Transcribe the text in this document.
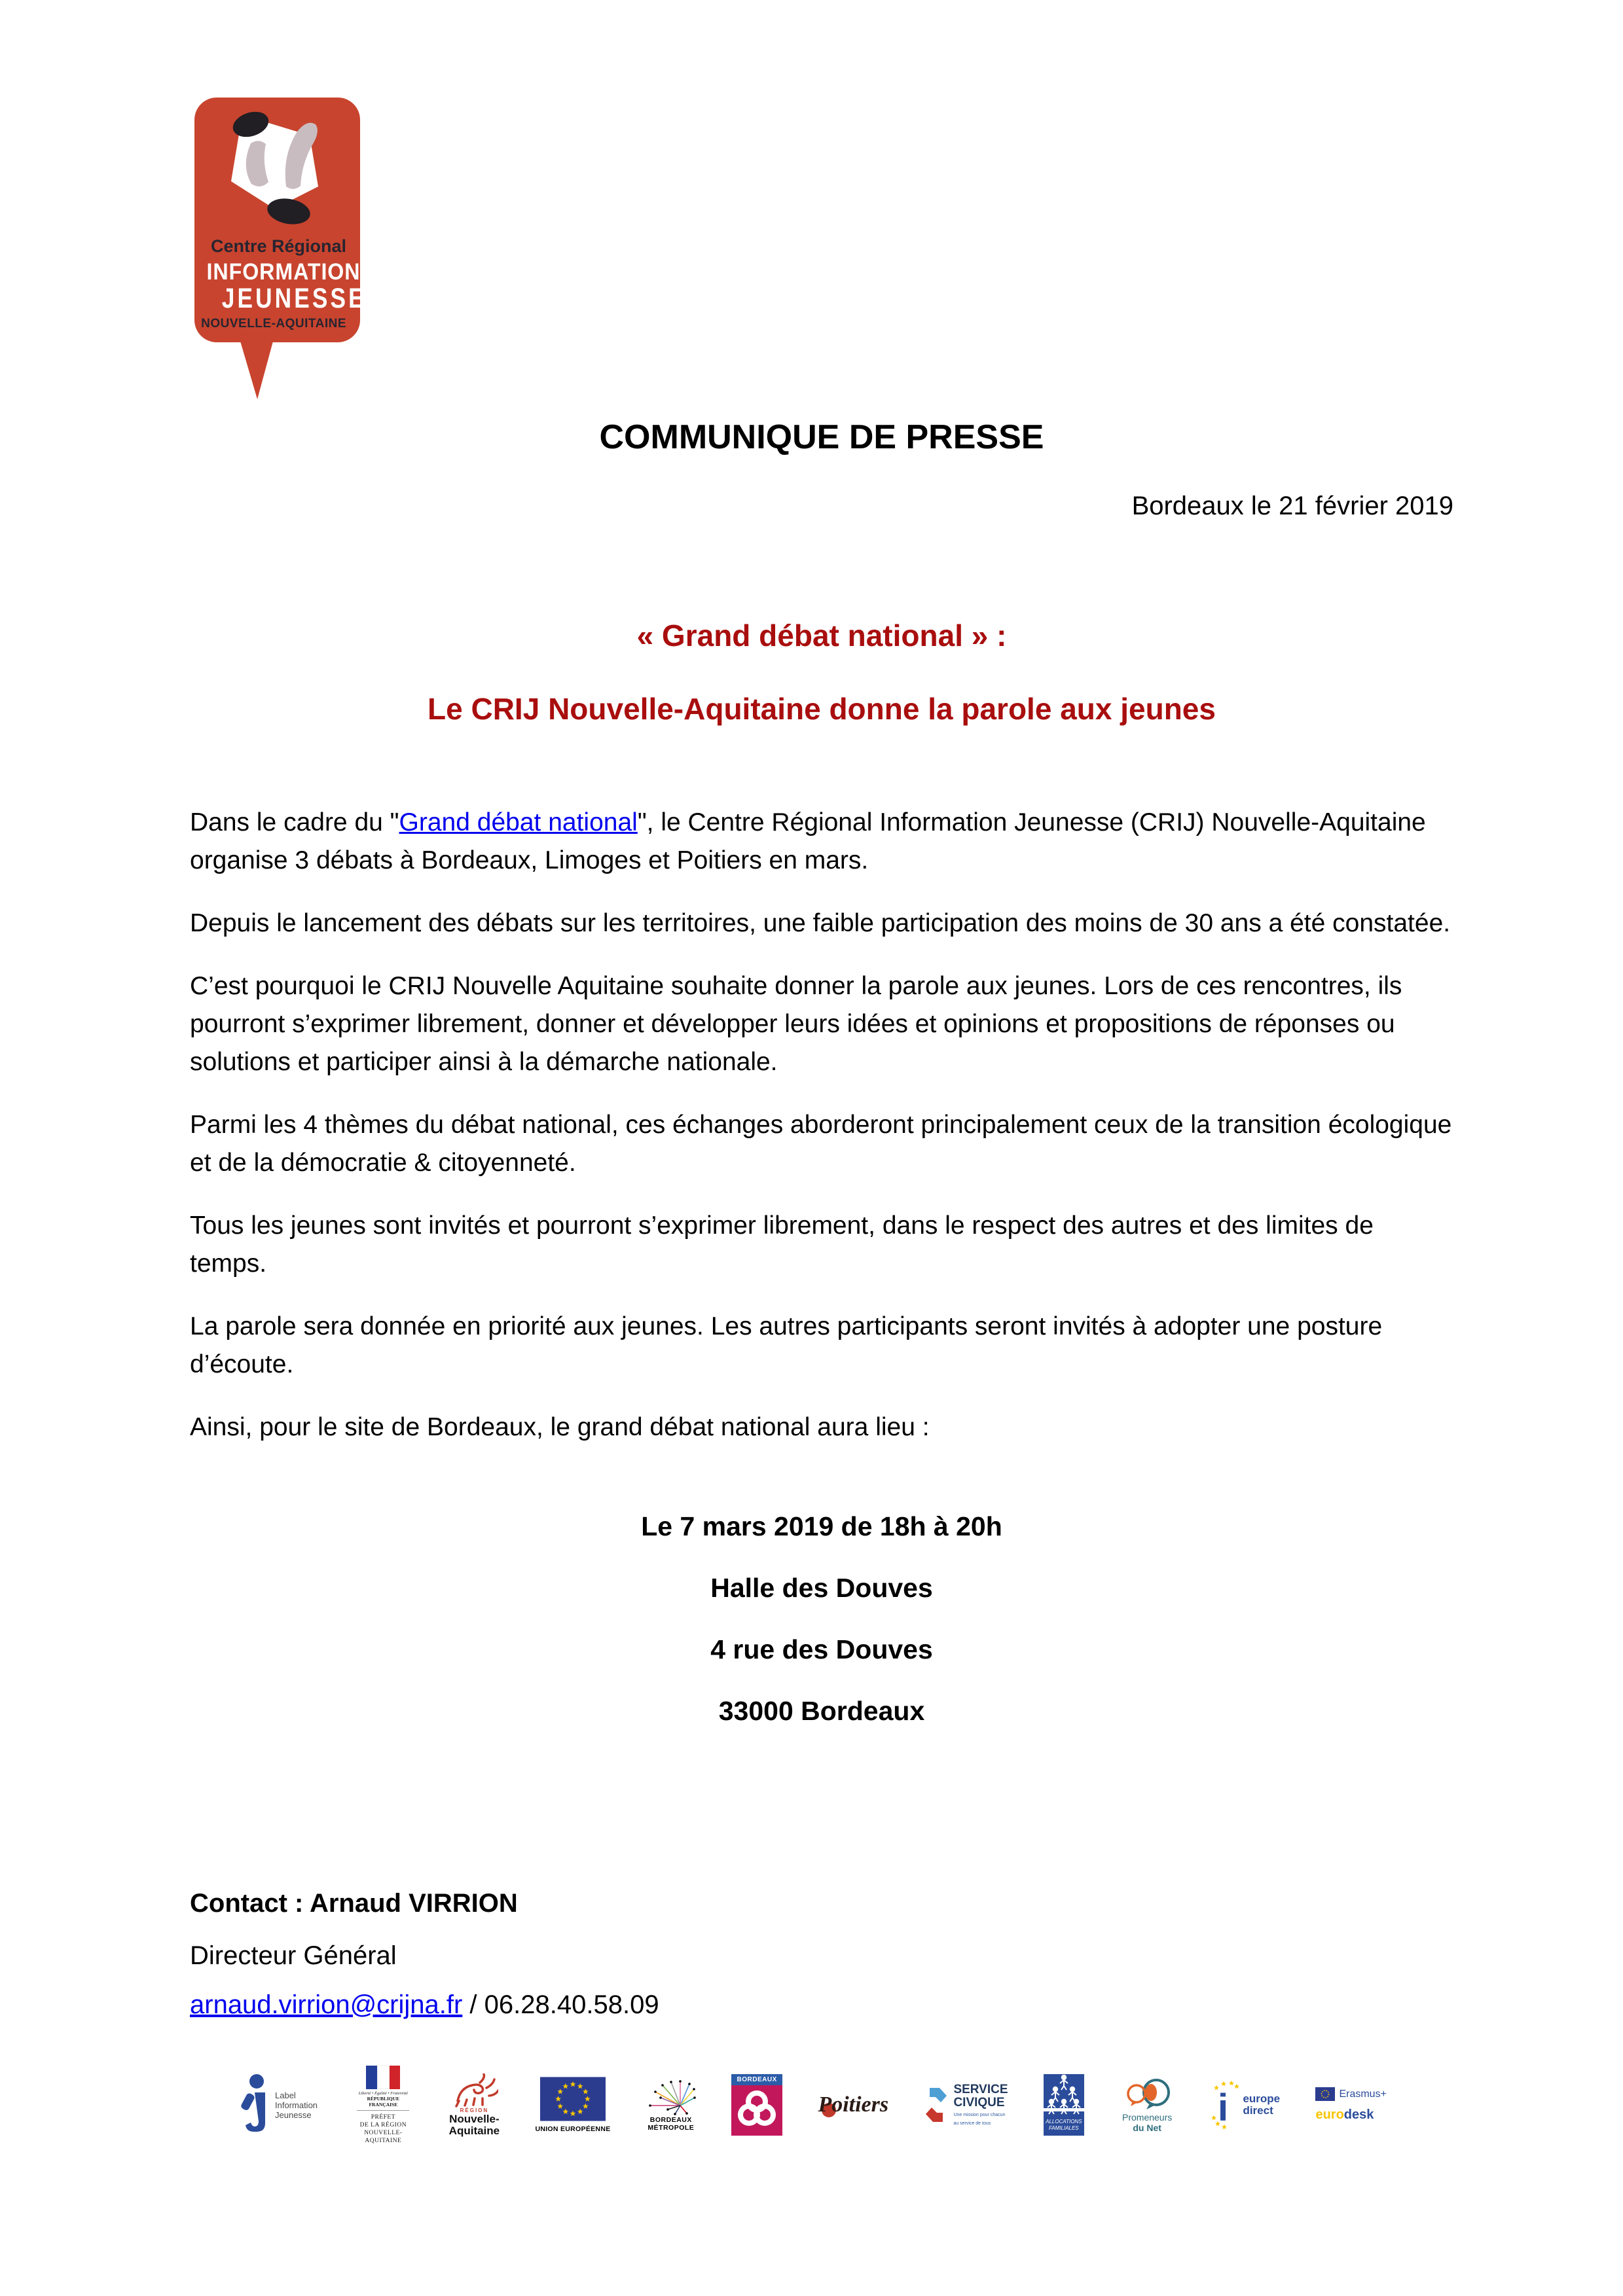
Centre Régional
INFORMATION
JEUNESSE
NOUVELLE-AQUITAINE
COMMUNIQUE DE PRESSE
Bordeaux le 21 février 2019
« Grand débat national » :
Le CRIJ Nouvelle-Aquitaine donne la parole aux jeunes

Dans le cadre du "Grand débat national", le Centre Régional Information Jeunesse (CRIJ) Nouvelle-Aquitaine organise 3 débats à Bordeaux, Limoges et Poitiers en mars.

Depuis le lancement des débats sur les territoires, une faible participation des moins de 30 ans a été constatée.

C’est pourquoi le CRIJ Nouvelle Aquitaine souhaite donner la parole aux jeunes. Lors de ces rencontres, ils pourront s’exprimer librement, donner et développer leurs idées et opinions et propositions de réponses ou solutions et participer ainsi à la démarche nationale.

Parmi les 4 thèmes du débat national, ces échanges aborderont principalement ceux de la transition écologique et de la démocratie & citoyenneté.

Tous les jeunes sont invités et pourront s’exprimer librement, dans le respect des autres et des limites de temps.

La parole sera donnée en priorité aux jeunes. Les autres participants seront invités à adopter une posture d’écoute.

Ainsi, pour le site de Bordeaux, le grand débat national aura lieu :

Le 7 mars 2019 de 18h à 20h
Halle des Douves
4 rue des Douves
33000 Bordeaux
Contact : Arnaud VIRRION
Directeur Général
arnaud.virrion@crijna.fr / 06.28.40.58.09
Label
Information
Jeunesse
Liberté • Égalité • Fraternité
RÉPUBLIQUE FRANÇAISE
PRÉFET
DE LA RÉGION
NOUVELLE-
AQUITAINE
RÉGION
Nouvelle-
Aquitaine	UNION EUROPÉENNE
BORDEAUX
MÉTROPOLE
BORDEAUX
Poitiers
SERVICE
CIVIQUE
Une mission pour chacun
au service de tous	ALLOCATIONS
FAMILIALES
Promeneurs
du Net i europe
direct
Erasmus+
eurodesk
